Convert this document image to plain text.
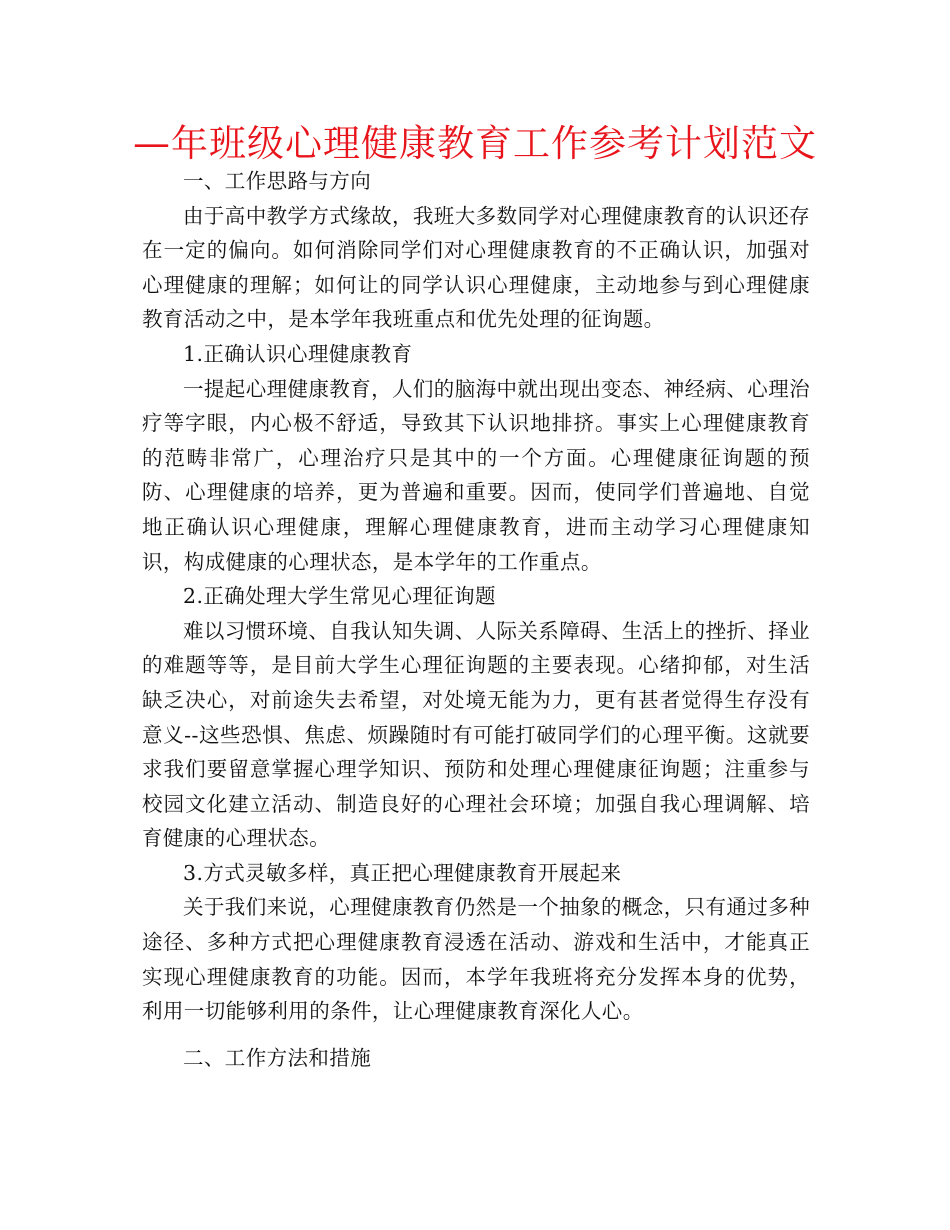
—年班级心理健康教育工作参考计划范文

一、工作思路与方向

由于高中教学方式缘故，我班大多数同学对心理健康教育的认识还存在一定的偏向。如何消除同学们对心理健康教育的不正确认识，加强对心理健康的理解；如何让的同学认识心理健康，主动地参与到心理健康教育活动之中，是本学年我班重点和优先处理的征询题。

1.正确认识心理健康教育

一提起心理健康教育，人们的脑海中就出现出变态、神经病、心理治疗等字眼，内心极不舒适，导致其下认识地排挤。事实上心理健康教育的范畴非常广，心理治疗只是其中的一个方面。心理健康征询题的预防、心理健康的培养，更为普遍和重要。因而，使同学们普遍地、自觉地正确认识心理健康，理解心理健康教育，进而主动学习心理健康知识，构成健康的心理状态，是本学年的工作重点。

2.正确处理大学生常见心理征询题

难以习惯环境、自我认知失调、人际关系障碍、生活上的挫折、择业的难题等等，是目前大学生心理征询题的主要表现。心绪抑郁，对生活缺乏决心，对前途失去希望，对处境无能为力，更有甚者觉得生存没有意义--这些恐惧、焦虑、烦躁随时有可能打破同学们的心理平衡。这就要求我们要留意掌握心理学知识、预防和处理心理健康征询题；注重参与校园文化建立活动、制造良好的心理社会环境；加强自我心理调解、培育健康的心理状态。

3.方式灵敏多样，真正把心理健康教育开展起来

关于我们来说，心理健康教育仍然是一个抽象的概念，只有通过多种途径、多种方式把心理健康教育浸透在活动、游戏和生活中，才能真正实现心理健康教育的功能。因而，本学年我班将充分发挥本身的优势，利用一切能够利用的条件，让心理健康教育深化人心。

二、工作方法和措施
